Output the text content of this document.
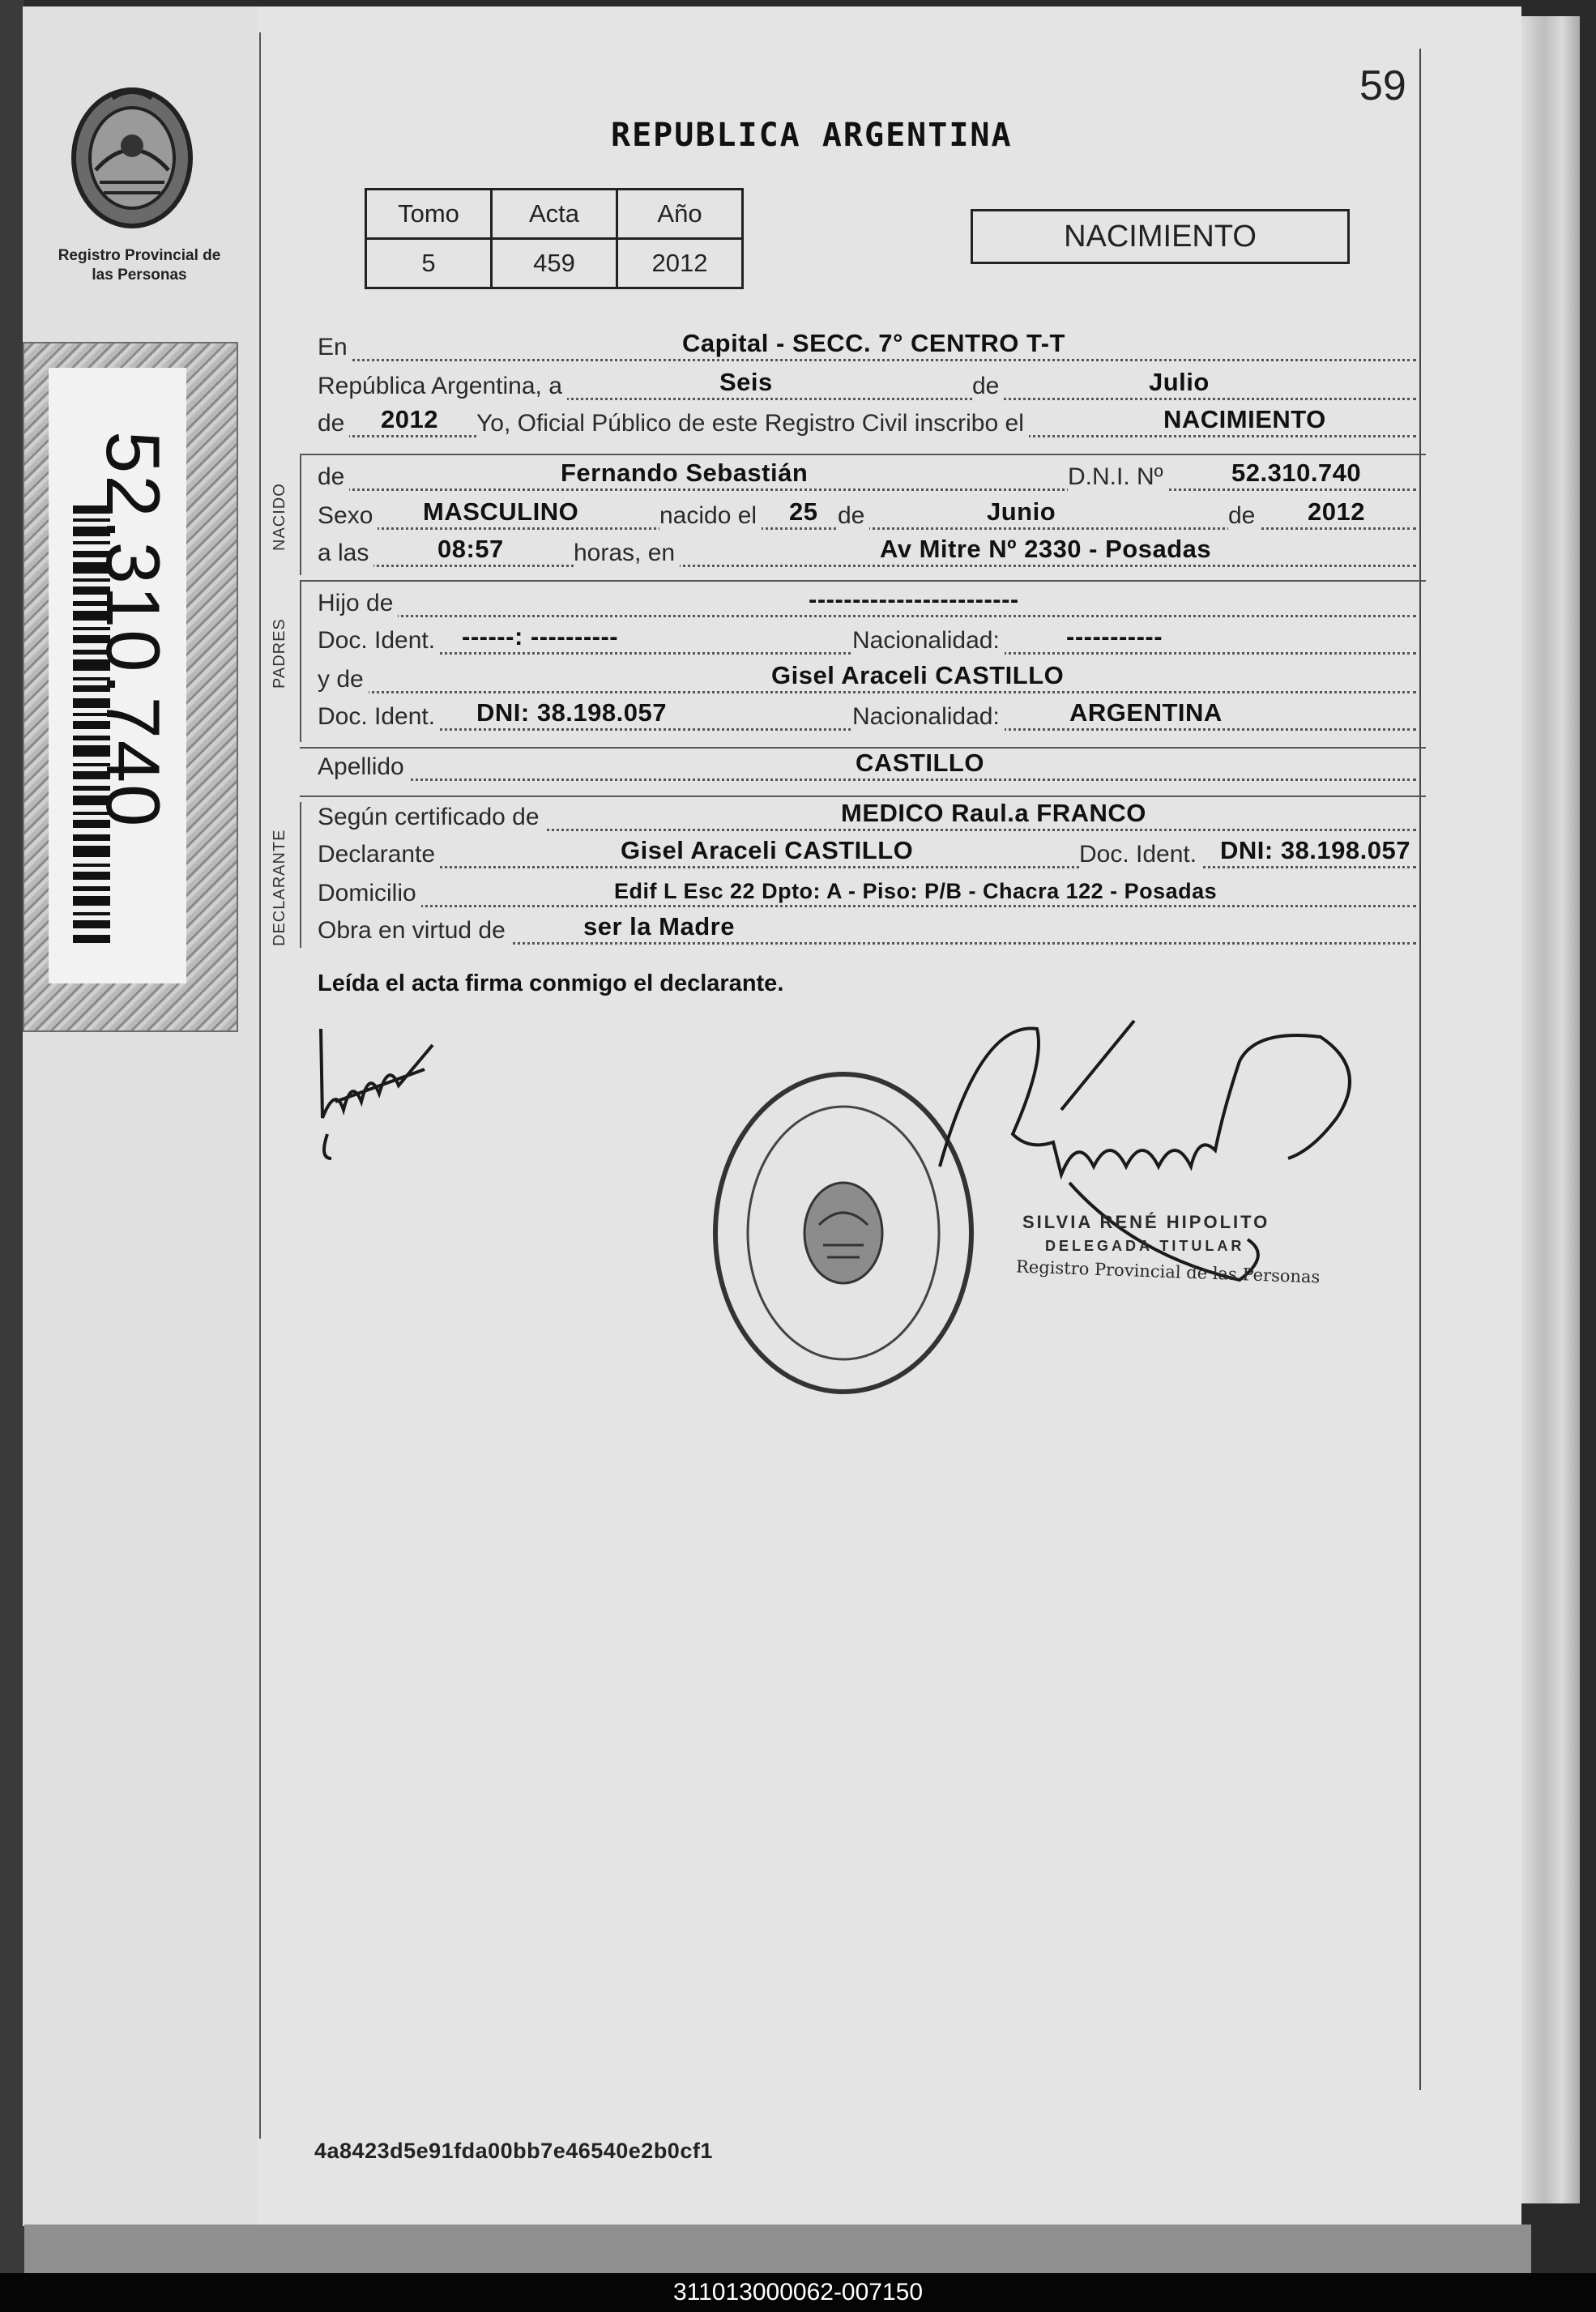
Registro Provincial de las Personas
52.310.740
59
REPUBLICA ARGENTINA
Tomo	Acta	Año
5	459	2012
NACIMIENTO
En	Capital - SECC. 7° CENTRO T-T
República Argentina, a	Seis	de	Julio
de 2012 Yo, Oficial Público de este Registro Civil inscribo el	NACIMIENTO
NACIDO
de	Fernando Sebastián	D.N.I. Nº	52.310.740
Sexo MASCULINO	nacido el 25 de	Junio	de 2012
a las	08:57	horas, en	Av Mitre Nº 2330 - Posadas
PADRES
Hijo de	------------------------
Doc. Ident. ------: ----------	Nacionalidad:	-----------
y de	Gisel Araceli CASTILLO
Doc. Ident. DNI: 38.198.057	Nacionalidad:	ARGENTINA
Apellido	CASTILLO
DECLARANTE
Según certificado de	MEDICO Raul.a FRANCO
Declarante	Gisel Araceli CASTILLO	Doc. Ident. DNI: 38.198.057
Domicilio	Edif L Esc 22 Dpto: A - Piso: P/B - Chacra 122 - Posadas
Obra en virtud de	ser la Madre
Leída el acta firma conmigo el declarante.
SILVIA RENÉ HIPOLITO
DELEGADA TITULAR
Registro Provincial de las Personas
4a8423d5e91fda00bb7e46540e2b0cf1
311013000062-007150
